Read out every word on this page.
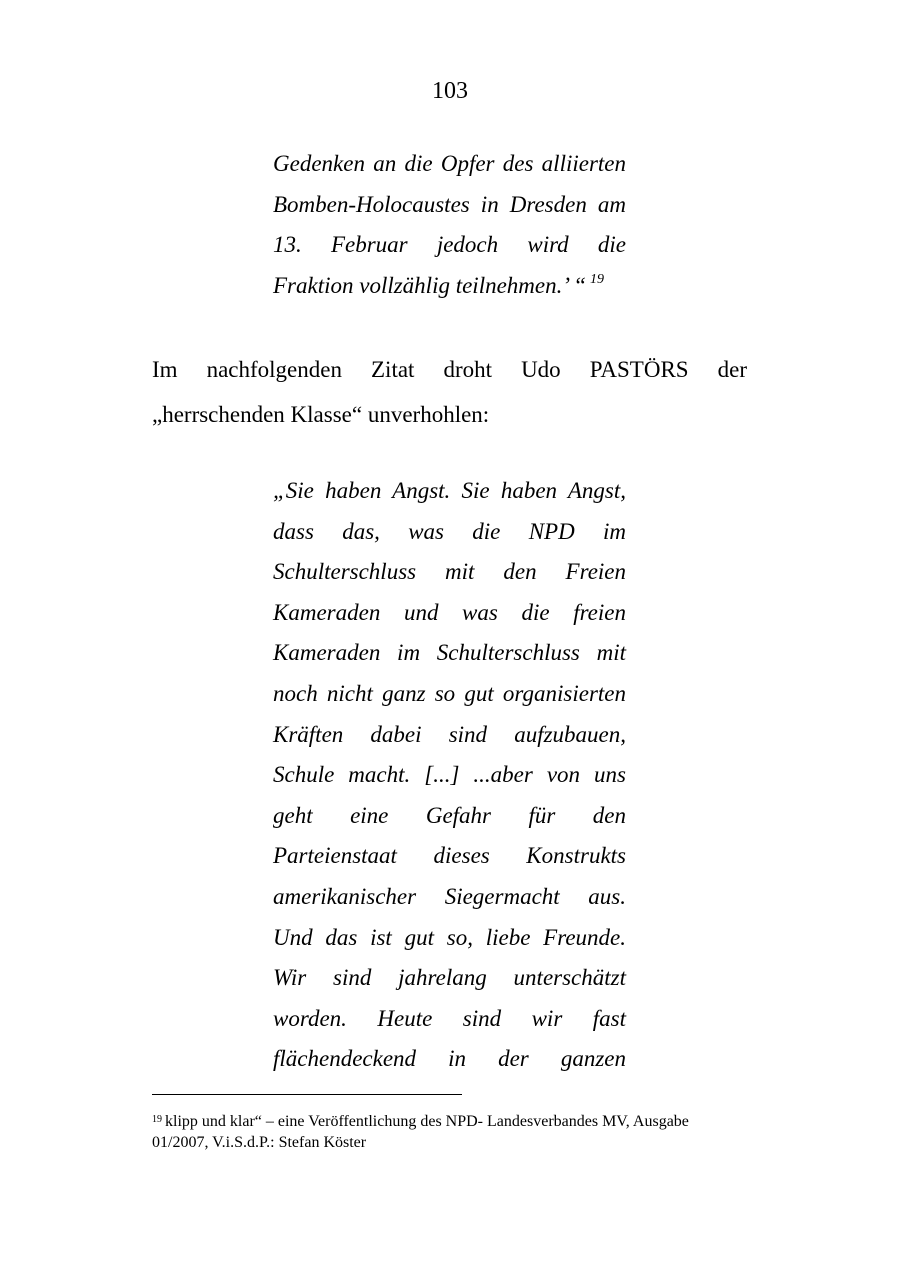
103
Gedenken an die Opfer des alliierten
Bomben-Holocaustes in Dresden am
13. Februar jedoch wird die
Fraktion vollzählig teilnehmen.’ “ $^{19}$
Im nachfolgenden Zitat droht Udo PASTÖRS der
„herrschenden Klasse“ unverhohlen:
„Sie haben Angst. Sie haben Angst,
dass das, was die NPD im
Schulterschluss mit den Freien
Kameraden und was die freien
Kameraden im Schulterschluss mit
noch nicht ganz so gut organisierten
Kräften dabei sind aufzubauen,
Schule macht. [...] ...aber von uns
geht eine Gefahr für den
Parteienstaat dieses Konstrukts
amerikanischer Siegermacht aus.
Und das ist gut so, liebe Freunde.
Wir sind jahrelang unterschätzt
worden. Heute sind wir fast
flächendeckend in der ganzen
$^{19}$ klipp und klar“ – eine Veröffentlichung des NPD- Landesverbandes MV, Ausgabe
01/2007, V.i.S.d.P.: Stefan Köster
